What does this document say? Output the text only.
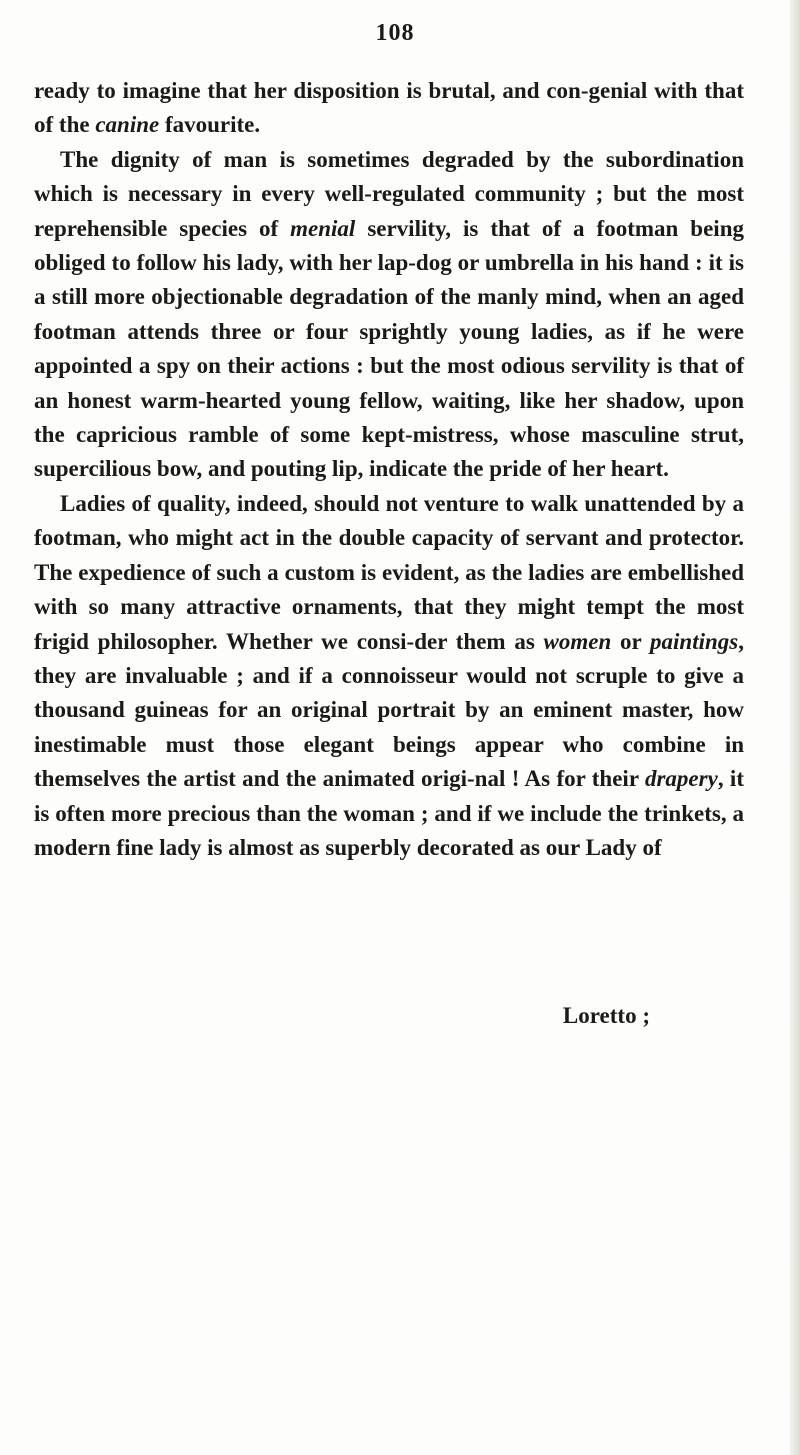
108

ready to imagine that her disposition is brutal, and con-genial with that of the canine favourite.

The dignity of man is sometimes degraded by the subordination which is necessary in every well-regulated community ; but the most reprehensible species of menial servility, is that of a footman being obliged to follow his lady, with her lap-dog or umbrella in his hand : it is a still more objectionable degradation of the manly mind, when an aged footman attends three or four sprightly young ladies, as if he were appointed a spy on their actions : but the most odious servility is that of an honest warm-hearted young fellow, waiting, like her shadow, upon the capricious ramble of some kept-mistress, whose masculine strut, supercilious bow, and pouting lip, indicate the pride of her heart.

Ladies of quality, indeed, should not venture to walk unattended by a footman, who might act in the double capacity of servant and protector. The expedience of such a custom is evident, as the ladies are embellished with so many attractive ornaments, that they might tempt the most frigid philosopher. Whether we consi-der them as women or paintings, they are invaluable ; and if a connoisseur would not scruple to give a thousand guineas for an original portrait by an eminent master, how inestimable must those elegant beings appear who combine in themselves the artist and the animated origi-nal ! As for their drapery, it is often more precious than the woman ; and if we include the trinkets, a modern fine lady is almost as superbly decorated as our Lady of

Loretto ;
